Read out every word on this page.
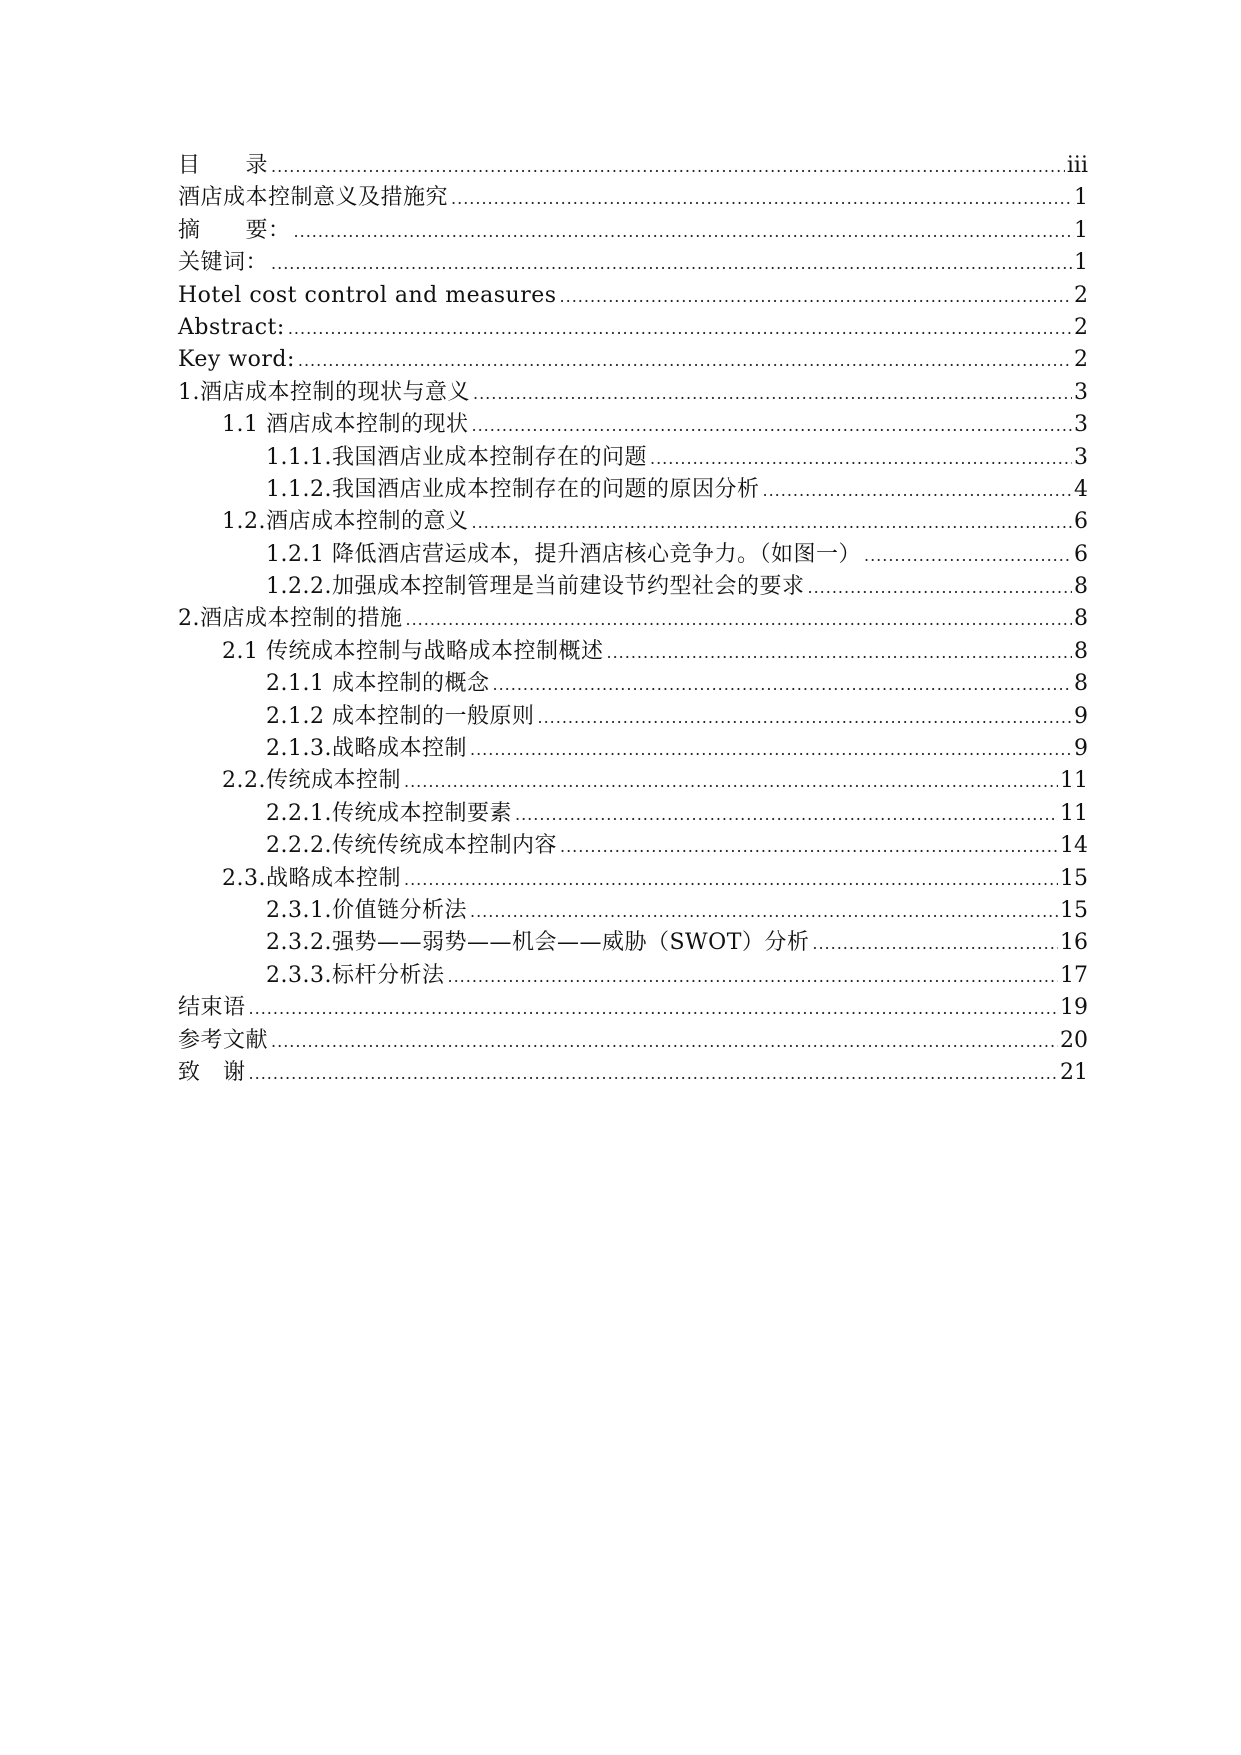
目　　录 .....	iii
酒店成本控制意义及措施究 .....	1
摘　　要： .....	1
关键词： .....	1
Hotel cost control and measures .....	2
Abstract: .....	2
Key word: .....	2
1.酒店成本控制的现状与意义 .....	3
1.1 酒店成本控制的现状 .....	3
1.1.1.我国酒店业成本控制存在的问题 .....	3
1.1.2.我国酒店业成本控制存在的问题的原因分析 .....	4
1.2.酒店成本控制的意义 .....	6
1.2.1 降低酒店营运成本，提升酒店核心竞争力。（如图一） .....	6
1.2.2.加强成本控制管理是当前建设节约型社会的要求 .....	8
2.酒店成本控制的措施 .....	8
2.1 传统成本控制与战略成本控制概述 .....	8
2.1.1 成本控制的概念 .....	8
2.1.2 成本控制的一般原则 .....	9
2.1.3.战略成本控制 .....	9
2.2.传统成本控制 .....	11
2.2.1.传统成本控制要素 .....	11
2.2.2.传统传统成本控制内容 .....	14
2.3.战略成本控制 .....	15
2.3.1.价值链分析法 .....	15
2.3.2.强势——弱势——机会——威胁（SWOT）分析 .....	16
2.3.3.标杆分析法 .....	17
结束语 .....	19
参考文献 .....	20
致　谢 .....	21
